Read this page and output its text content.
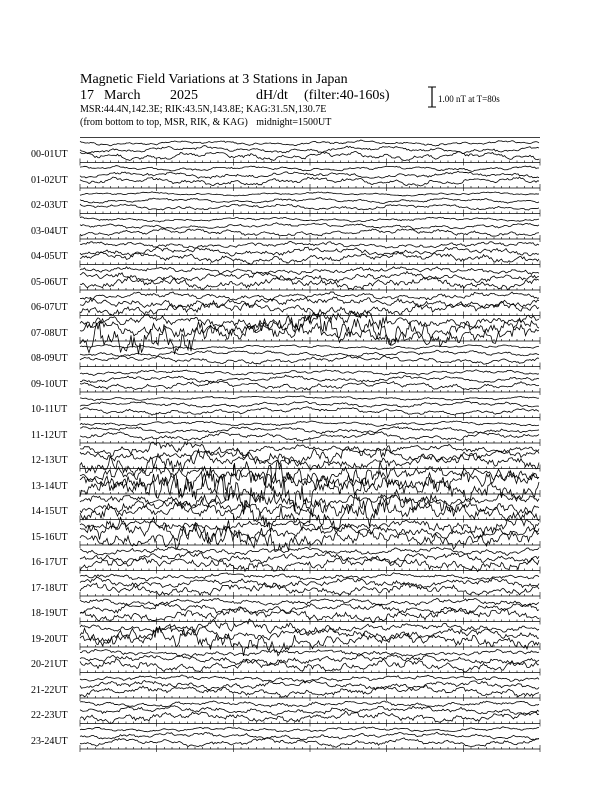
Magnetic Field Variations at 3 Stations in Japan
17 March 2025	dH/dt (filter:40-160s)
MSR:44.4N,142.3E; RIK:43.5N,143.8E; KAG:31.5N,130.7E
(from bottom to top, MSR, RIK, & KAG) midnight=1500UT
1.00 nT at T=80s
00-01UT
01-02UT
02-03UT
03-04UT
04-05UT
05-06UT
06-07UT
07-08UT
08-09UT
09-10UT
10-11UT
11-12UT
12-13UT
13-14UT
14-15UT
15-16UT
16-17UT
17-18UT
18-19UT
19-20UT
20-21UT
21-22UT
22-23UT
23-24UT
